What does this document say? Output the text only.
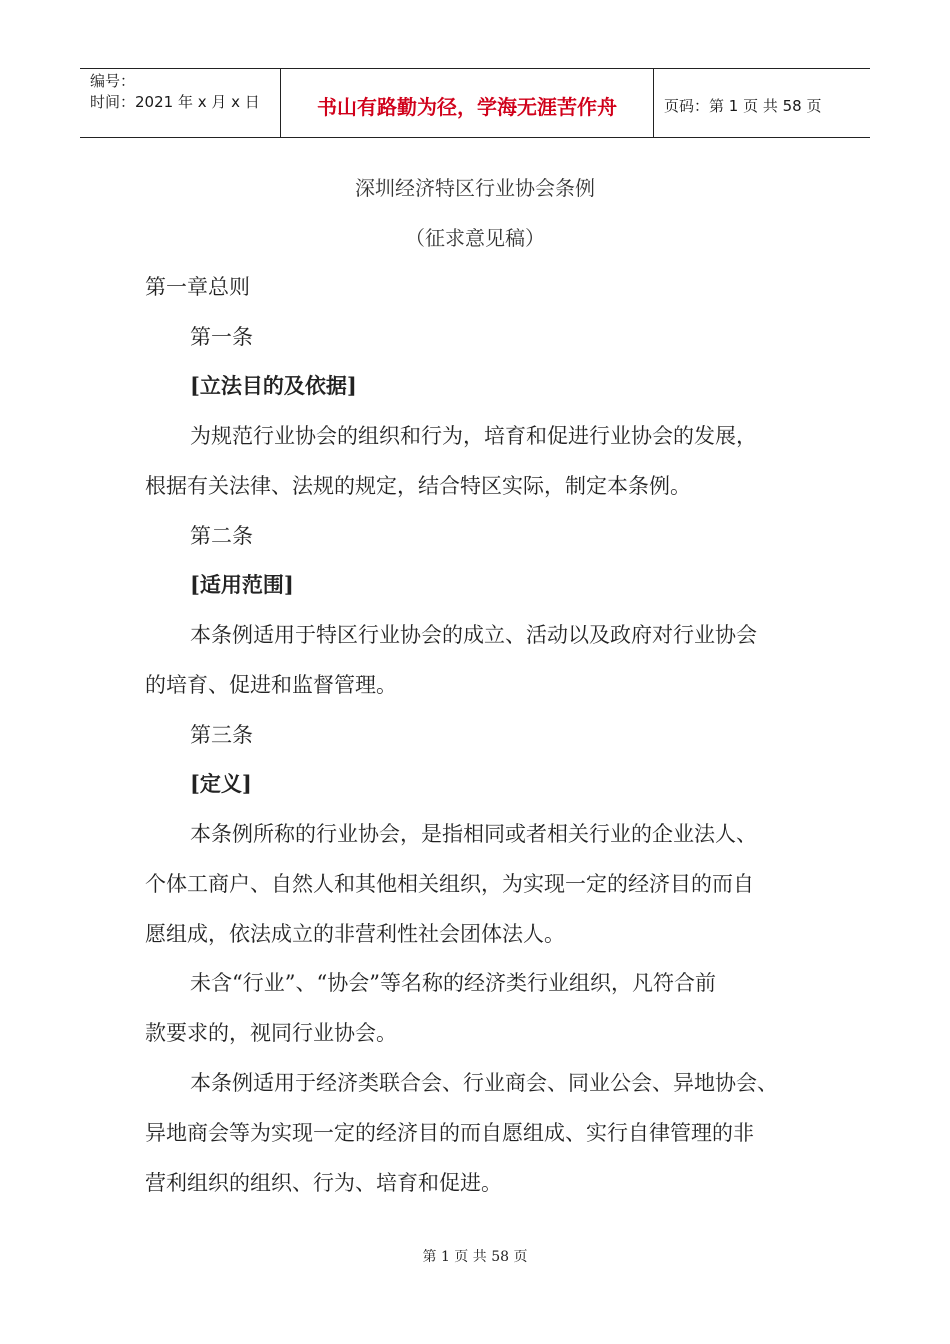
编号：
时间：2021 年 x 月 x 日	书山有路勤为径，学海无涯苦作舟	页码：第 1 页 共 58 页
深圳经济特区行业协会条例
（征求意见稿）
第一章总则
第一条
[立法目的及依据]
为规范行业协会的组织和行为，培育和促进行业协会的发展，
根据有关法律、法规的规定，结合特区实际，制定本条例。
第二条
[适用范围]
本条例适用于特区行业协会的成立、活动以及政府对行业协会
的培育、促进和监督管理。
第三条
[定义]
本条例所称的行业协会，是指相同或者相关行业的企业法人、
个体工商户、自然人和其他相关组织，为实现一定的经济目的而自
愿组成，依法成立的非营利性社会团体法人。
未含“行业”、“协会”等名称的经济类行业组织，凡符合前
款要求的，视同行业协会。
本条例适用于经济类联合会、行业商会、同业公会、异地协会、
异地商会等为实现一定的经济目的而自愿组成、实行自律管理的非
营利组织的组织、行为、培育和促进。
第 1 页 共 58 页
